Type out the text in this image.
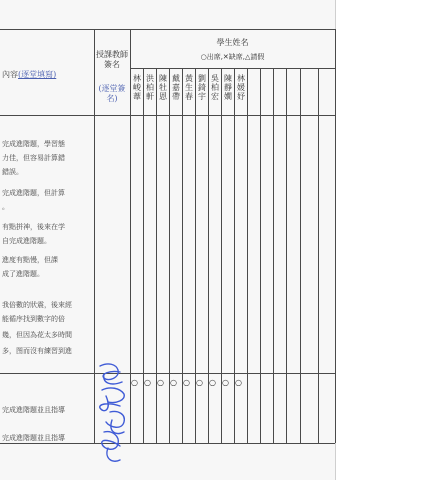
內容(逐堂填寫)
授課教師簽名
(逐堂簽名)
學生姓名
○出席,✕缺席,△請假
林峻葦
洪柏軒
陳牡恩
戴嘉帶
黃生春
劉錡宇
吳柏宏
陳靜嫺
林媛妤
完成進階題，學習態
力佳，但容易計算錯
錯誤。
完成進階題，但計算
。
有點拼神，後來在学
自完成進階題。
進度有點慢，但課
成了進階題。
我倍數的狀震，後來經
能循序找到數字的倍
幾，但因為花太多時間
多，图而沒有練習到進
完成進階題並且指導
完成進階題並且指導
○ ○ ○ ○ ○ ○ ○ ○ ○
